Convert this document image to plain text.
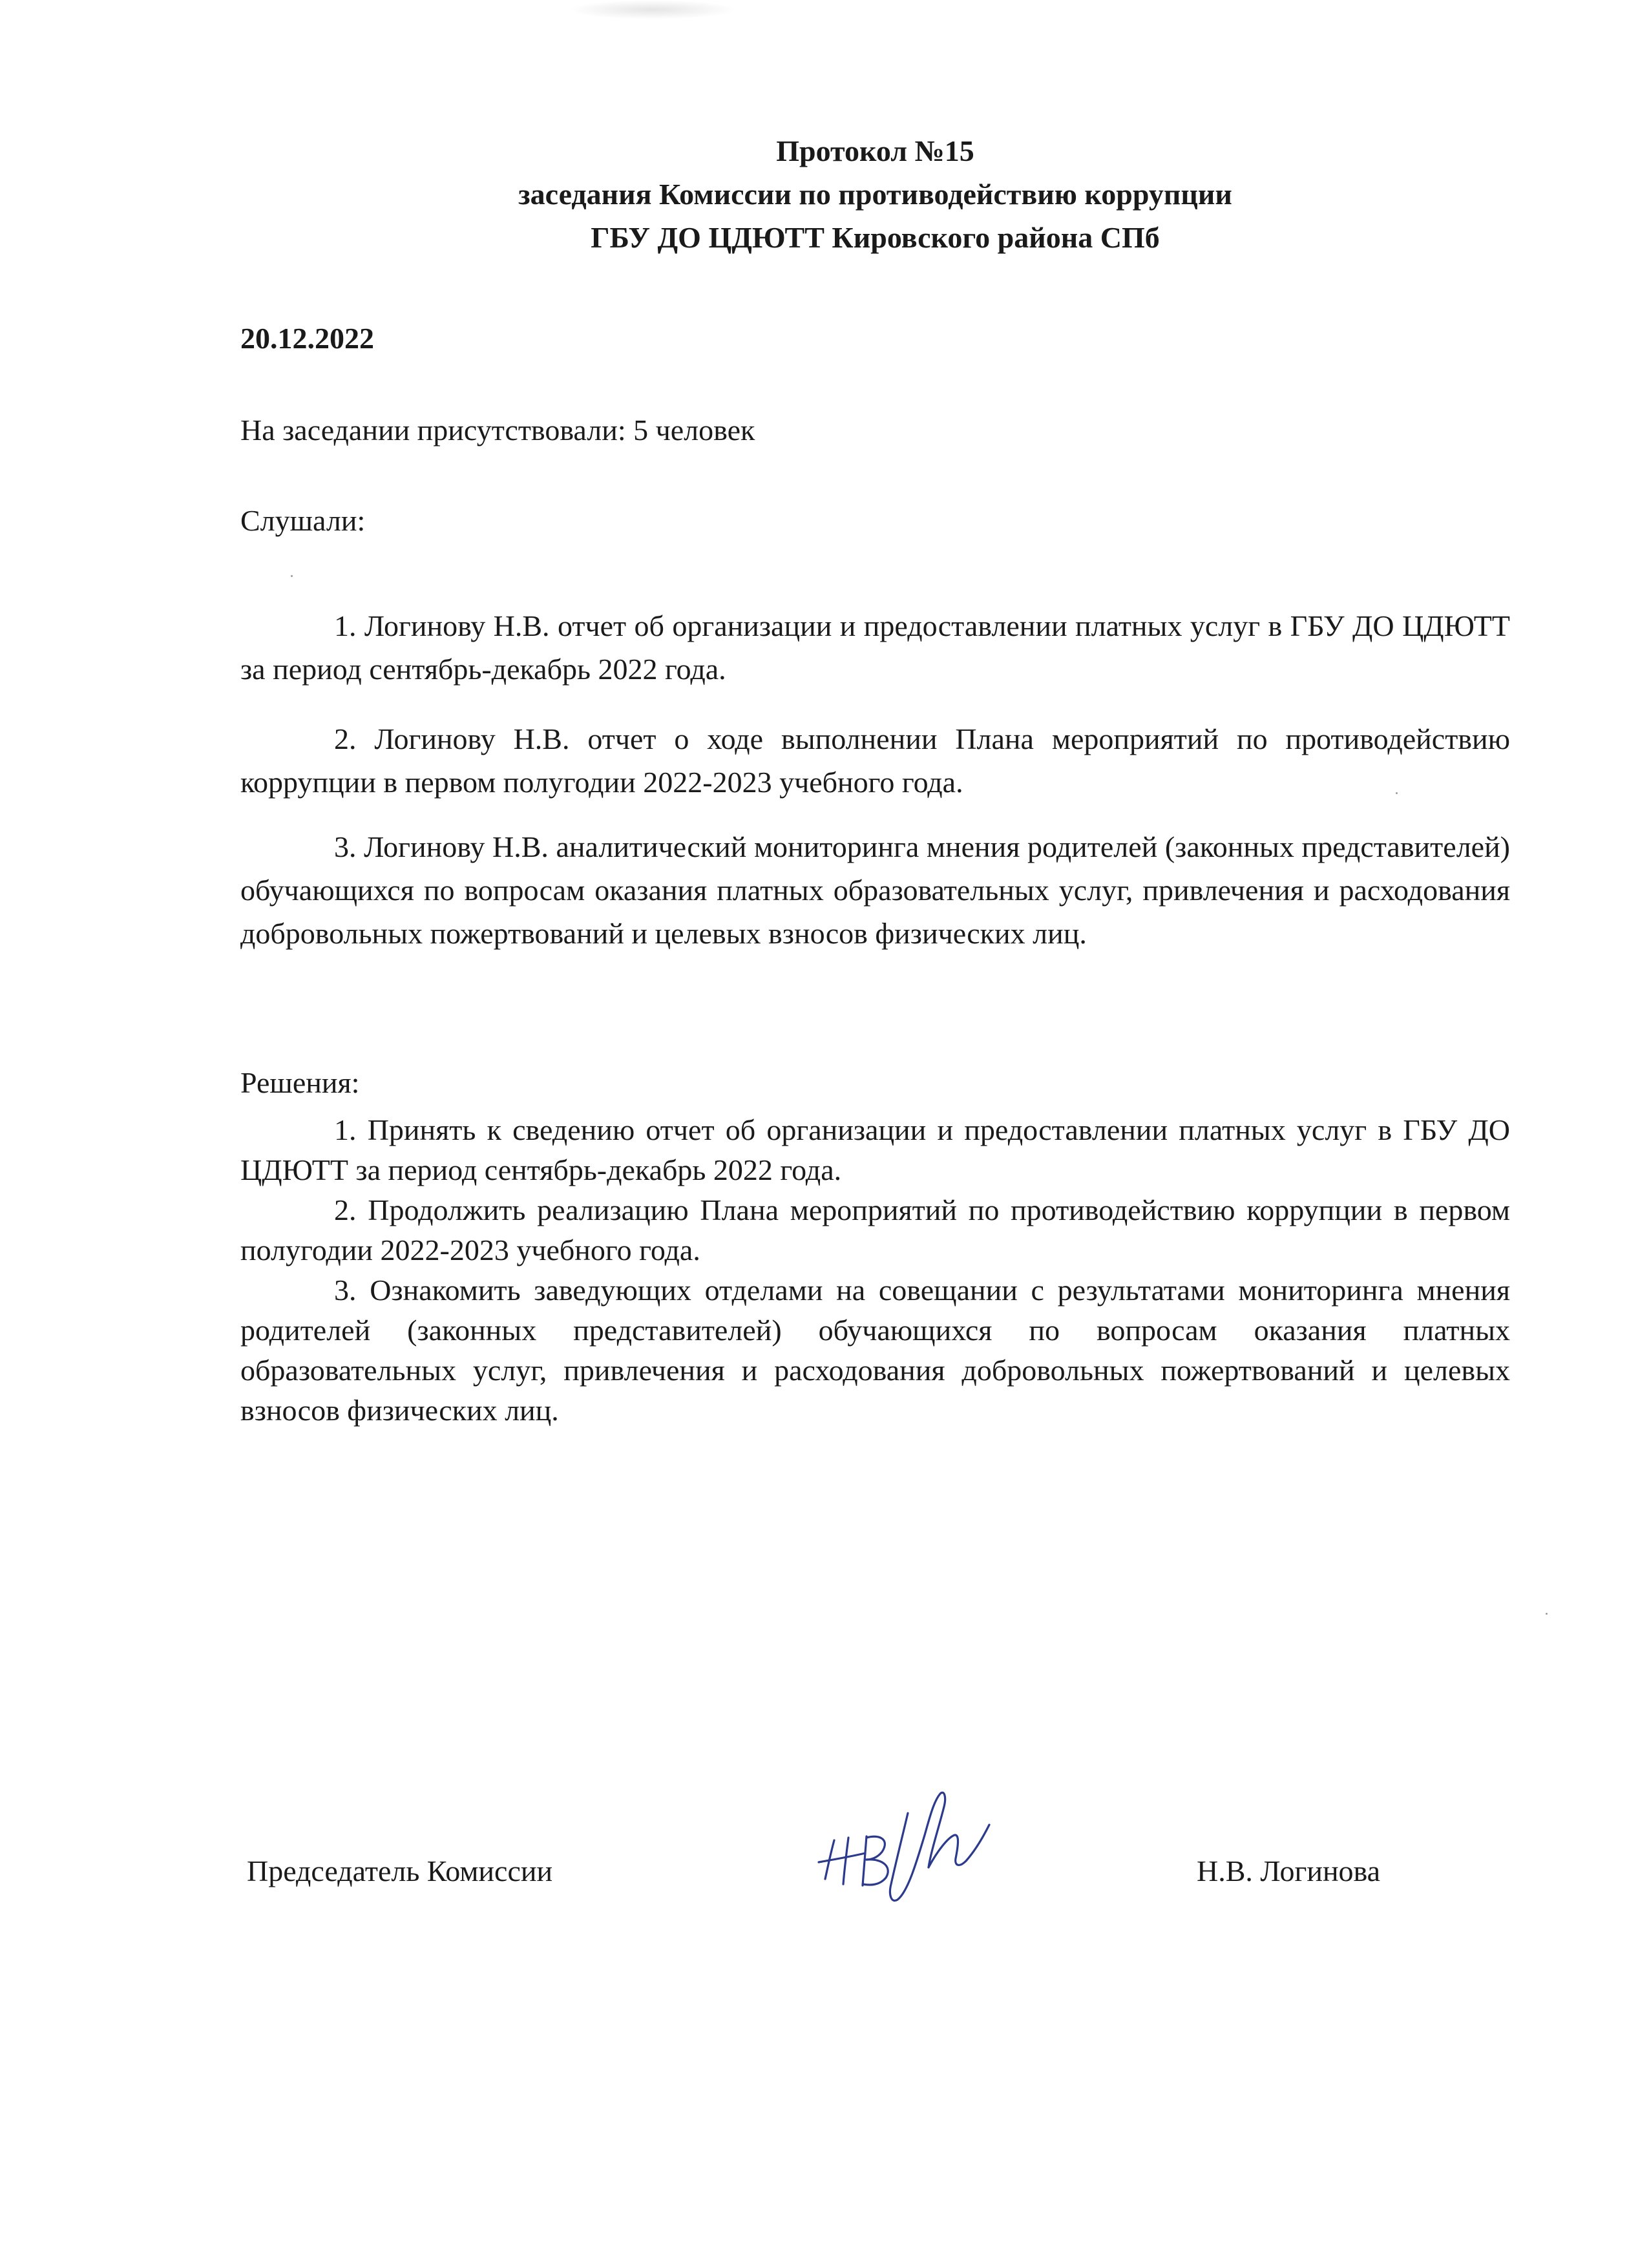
Протокол №15
заседания Комиссии по противодействию коррупции
ГБУ ДО ЦДЮТТ Кировского района СПб
20.12.2022
На заседании присутствовали: 5 человек
Слушали:

1. Логинову Н.В. отчет об организации и предоставлении платных услуг в ГБУ ДО ЦДЮТТ за период сентябрь-декабрь 2022 года.

2. Логинову Н.В. отчет о ходе выполнении Плана мероприятий по противодействию коррупции в первом полугодии 2022-2023 учебного года.

3. Логинову Н.В. аналитический мониторинга мнения родителей (законных представителей) обучающихся по вопросам оказания платных образовательных услуг, привлечения и расходования добровольных пожертвований и целевых взносов физических лиц.

Решения:

1. Принять к сведению отчет об организации и предоставлении платных услуг в ГБУ ДО ЦДЮТТ за период сентябрь-декабрь 2022 года.

2. Продолжить реализацию Плана мероприятий по противодействию коррупции в первом полугодии 2022-2023 учебного года.

3. Ознакомить заведующих отделами на совещании с результатами мониторинга мнения родителей (законных представителей) обучающихся по вопросам оказания платных образовательных услуг, привлечения и расходования добровольных пожертвований и целевых взносов физических лиц.

Председатель Комиссии	Н.В. Логинова
